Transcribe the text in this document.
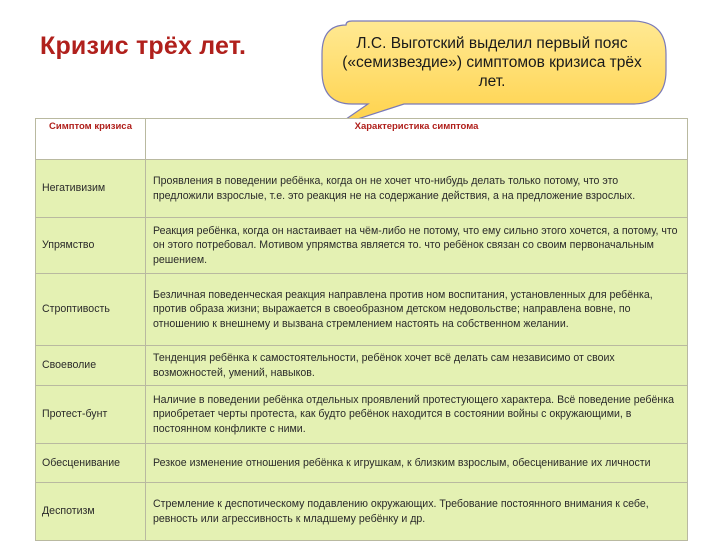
Кризис трёх лет.	Л.С. Выготский выделил первый пояс («семизвездие») симптомов кризиса трёх лет.
Симптом кризиса	Характеристика симптома
Негативизим	Проявления в поведении ребёнка, когда он не хочет что-нибудь делать только потому, что это предложили взрослые, т.е. это реакция не на содержание действия, а на предложение взрослых.
Упрямство	Реакция ребёнка, когда он настаивает на чём-либо не потому, что ему сильно этого хочется, а потому, что он этого потребовал. Мотивом упрямства является то. что ребёнок связан со своим первоначальным решением.
Строптивость	Безличная поведенческая реакция направлена против ном воспитания, установленных для ребёнка, против образа жизни; выражается в своеобразном детском недовольстве; направлена вовне, по отношению к внешнему и вызвана стремлением настоять на собственном желании.
Своеволие	Тенденция ребёнка к самостоятельности, ребёнок хочет всё делать сам независимо от своих возможностей, умений, навыков.
Протест-бунт	Наличие в поведении ребёнка отдельных проявлений протестующего характера. Всё поведение ребёнка приобретает черты протеста, как будто ребёнок находится в состоянии войны с окружающими, в постоянном конфликте с ними.
Обесценивание	Резкое изменение отношения ребёнка к игрушкам, к близким взрослым, обесценивание их личности
Деспотизм	Стремление к деспотическому подавлению окружающих. Требование постоянного внимания к себе, ревность или агрессивность к младшему ребёнку и др.
